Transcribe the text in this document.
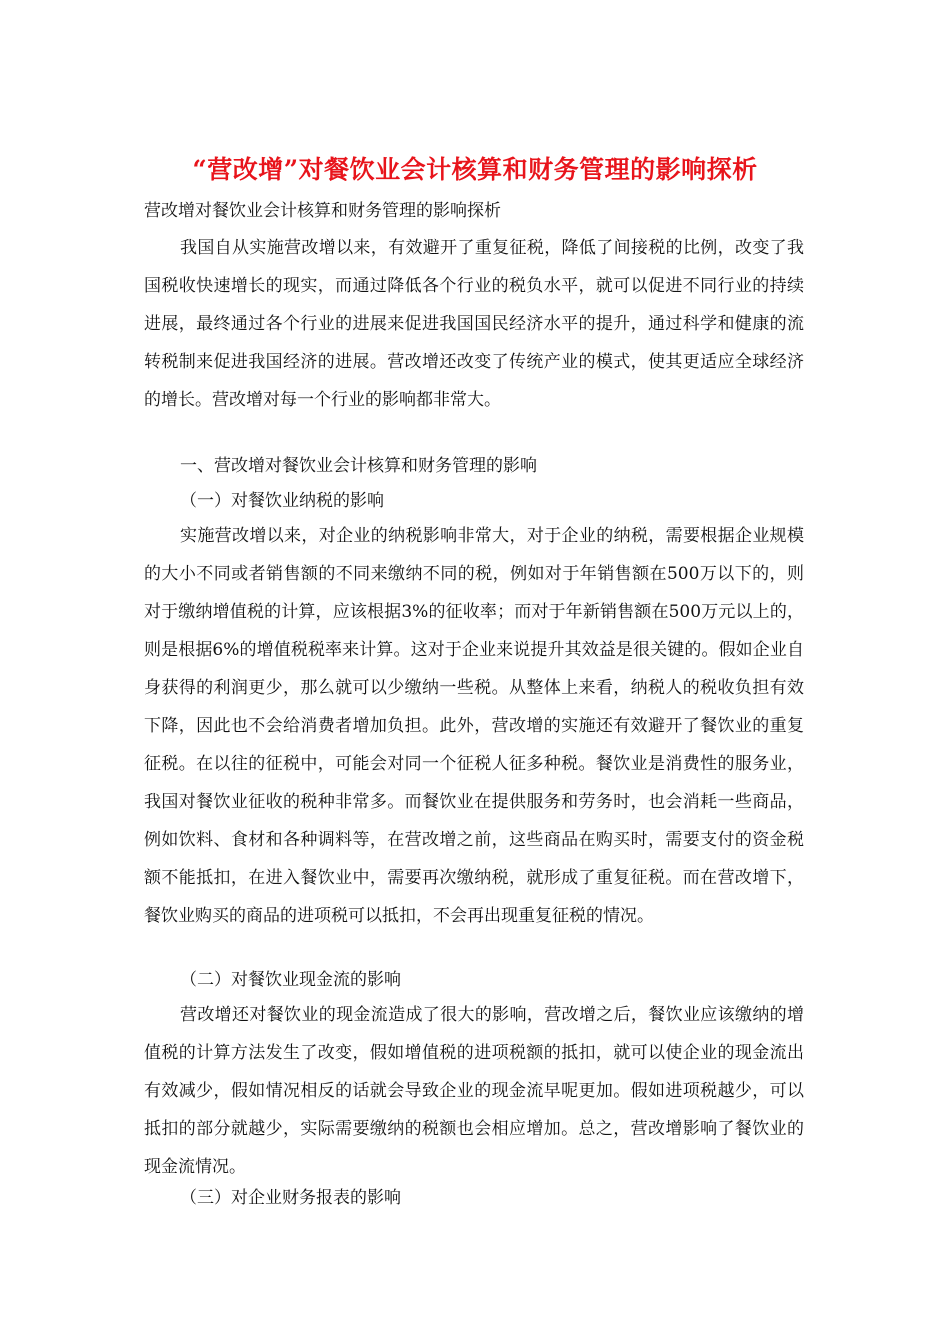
“营改增”对餐饮业会计核算和财务管理的影响探析
营改增对餐饮业会计核算和财务管理的影响探析
我国自从实施营改增以来，有效避开了重复征税，降低了间接税的比例，改变了我国税收快速增长的现实，而通过降低各个行业的税负水平，就可以促进不同行业的持续进展，最终通过各个行业的进展来促进我国国民经济水平的提升，通过科学和健康的流转税制来促进我国经济的进展。营改增还改变了传统产业的模式，使其更适应全球经济的增长。营改增对每一个行业的影响都非常大。
一、营改增对餐饮业会计核算和财务管理的影响
（一）对餐饮业纳税的影响
实施营改增以来，对企业的纳税影响非常大，对于企业的纳税，需要根据企业规模的大小不同或者销售额的不同来缴纳不同的税，例如对于年销售额在500万以下的，则对于缴纳增值税的计算，应该根据3%的征收率；而对于年新销售额在500万元以上的，则是根据6%的增值税税率来计算。这对于企业来说提升其效益是很关键的。假如企业自身获得的利润更少，那么就可以少缴纳一些税。从整体上来看，纳税人的税收负担有效下降，因此也不会给消费者增加负担。此外，营改增的实施还有效避开了餐饮业的重复征税。在以往的征税中，可能会对同一个征税人征多种税。餐饮业是消费性的服务业，我国对餐饮业征收的税种非常多。而餐饮业在提供服务和劳务时，也会消耗一些商品，例如饮料、食材和各种调料等，在营改增之前，这些商品在购买时，需要支付的资金税额不能抵扣，在进入餐饮业中，需要再次缴纳税，就形成了重复征税。而在营改增下，餐饮业购买的商品的进项税可以抵扣，不会再出现重复征税的情况。
（二）对餐饮业现金流的影响
营改增还对餐饮业的现金流造成了很大的影响，营改增之后，餐饮业应该缴纳的增值税的计算方法发生了改变，假如增值税的进项税额的抵扣，就可以使企业的现金流出有效减少，假如情况相反的话就会导致企业的现金流早呢更加。假如进项税越少，可以抵扣的部分就越少，实际需要缴纳的税额也会相应增加。总之，营改增影响了餐饮业的现金流情况。
（三）对企业财务报表的影响
